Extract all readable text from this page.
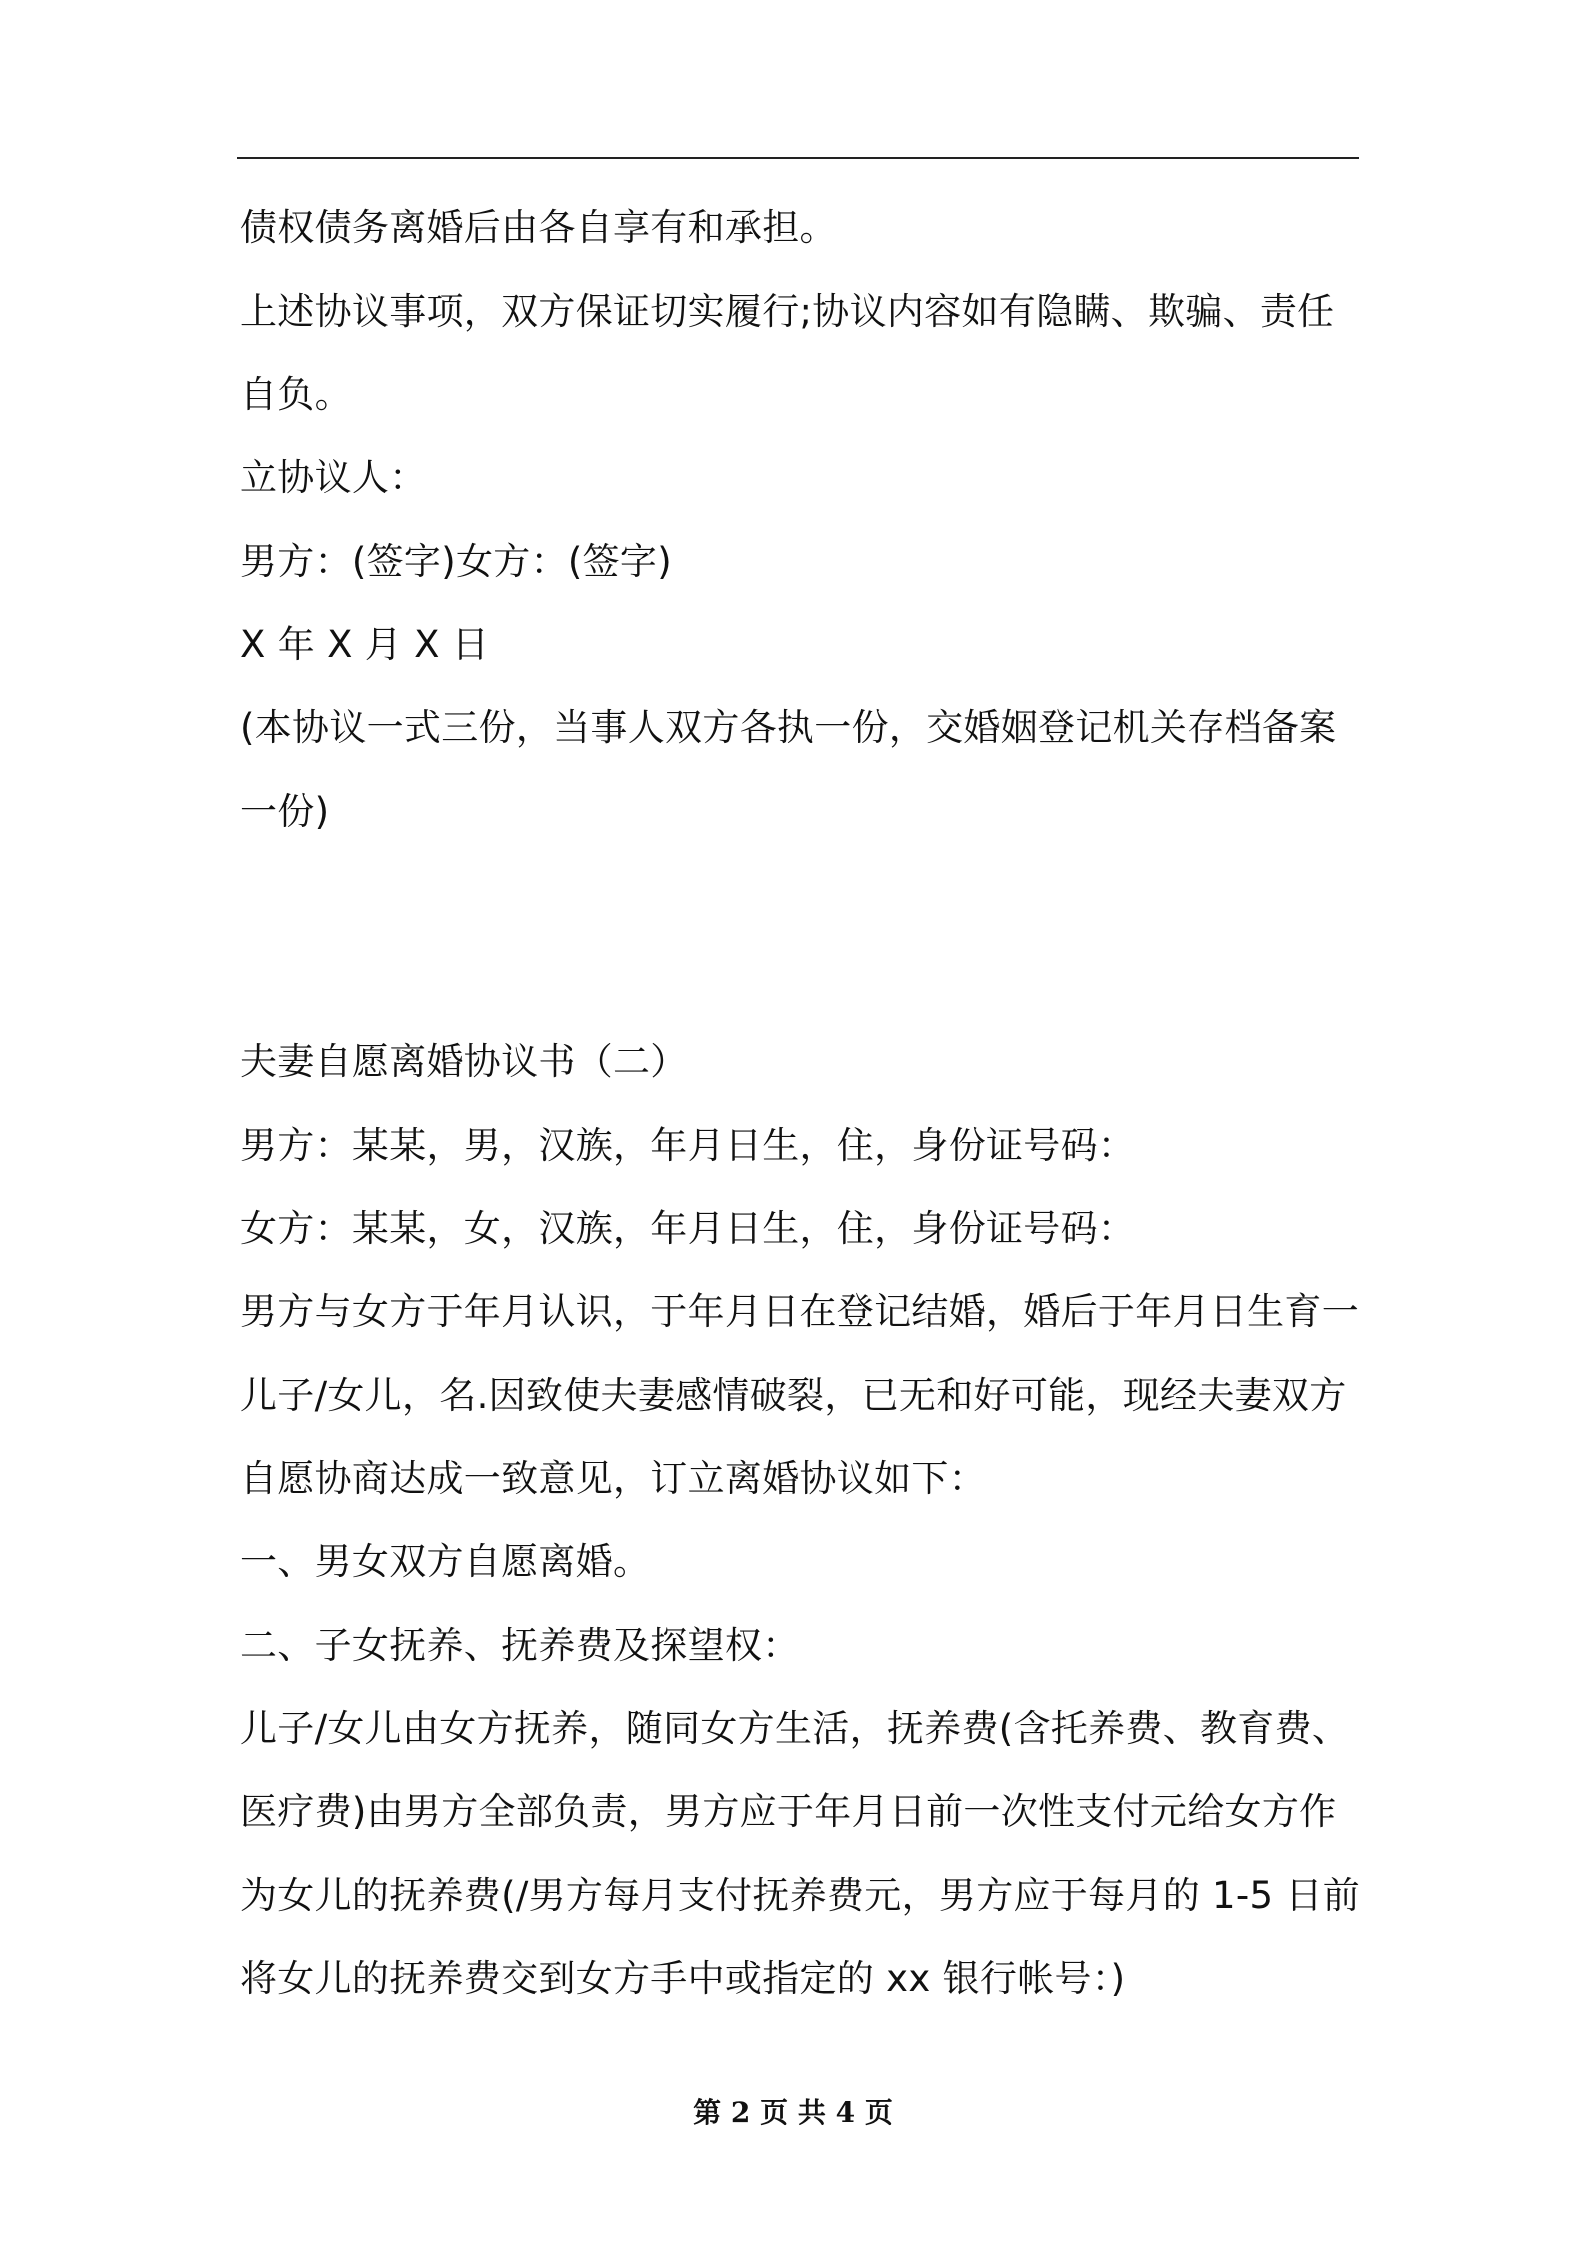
债权债务离婚后由各自享有和承担。
上述协议事项，双方保证切实履行;协议内容如有隐瞒、欺骗、责任
自负。
立协议人：
男方：(签字)女方：(签字)
X 年 X 月 X 日
(本协议一式三份，当事人双方各执一份，交婚姻登记机关存档备案
一份)
夫妻自愿离婚协议书（二）
男方：某某，男，汉族，年月日生，住，身份证号码：
女方：某某，女，汉族，年月日生，住，身份证号码：
男方与女方于年月认识，于年月日在登记结婚，婚后于年月日生育一
儿子/女儿，名.因致使夫妻感情破裂，已无和好可能，现经夫妻双方
自愿协商达成一致意见，订立离婚协议如下：
一、男女双方自愿离婚。
二、子女抚养、抚养费及探望权：
儿子/女儿由女方抚养，随同女方生活，抚养费(含托养费、教育费、
医疗费)由男方全部负责，男方应于年月日前一次性支付元给女方作
为女儿的抚养费(/男方每月支付抚养费元，男方应于每月的 1-5 日前
将女儿的抚养费交到女方手中或指定的 xx 银行帐号：)
第 2 页 共 4 页
